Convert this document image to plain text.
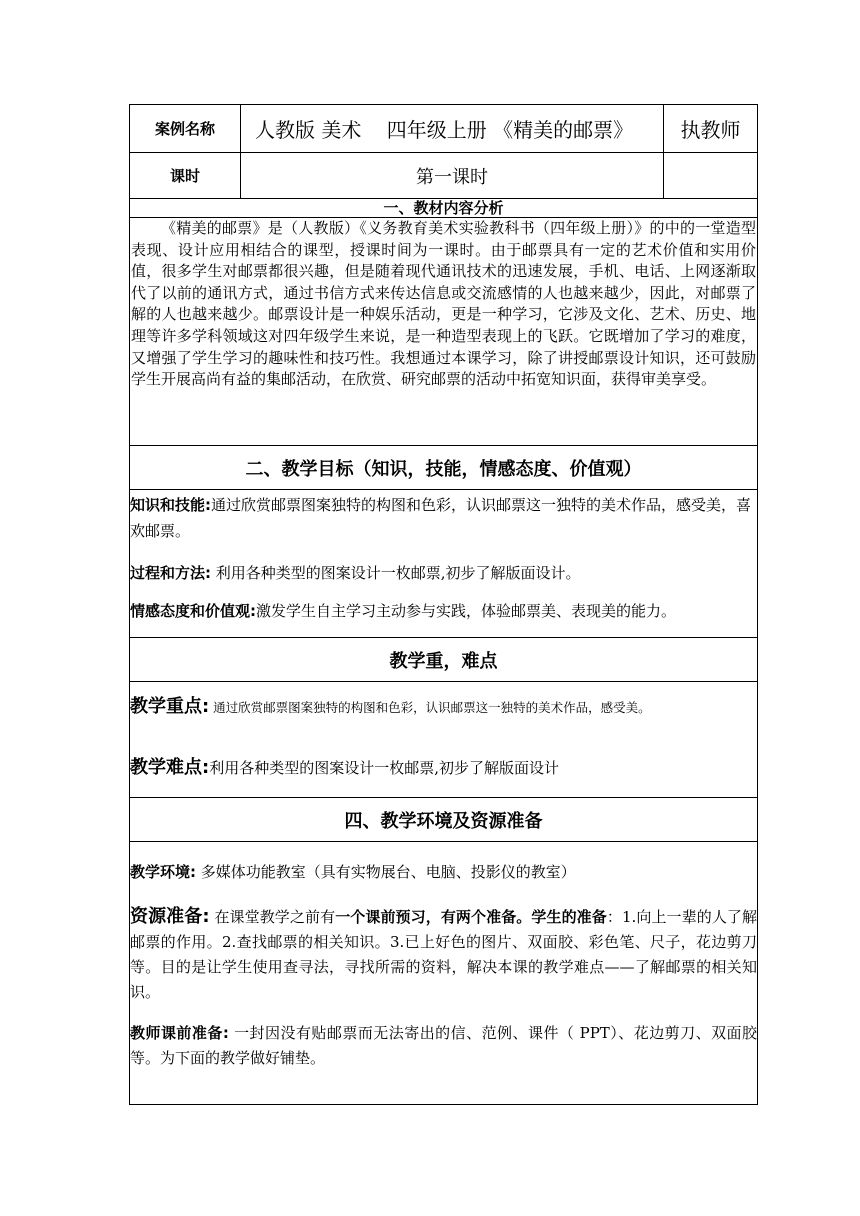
案例名称	人教版 美术    四年级上册 《精美的邮票》	执教师
课时	第一课时	
一、教材内容分析		

《精美的邮票》是（人教版）《义务教育美术实验教科书（四年级上册）》的中的一堂造型表现、设计应用相结合的课型，授课时间为一课时。由于邮票具有一定的艺术价值和实用价值，很多学生对邮票都很兴趣，但是随着现代通讯技术的迅速发展，手机、电话、上网逐渐取代了以前的通讯方式，通过书信方式来传达信息或交流感情的人也越来越少，因此，对邮票了解的人也越来越少。邮票设计是一种娱乐活动，更是一种学习，它涉及文化、艺术、历史、地理等许多学科领域这对四年级学生来说，是一种造型表现上的飞跃。它既增加了学习的难度，又增强了学生学习的趣味性和技巧性。我想通过本课学习，除了讲授邮票设计知识，还可鼓励学生开展高尚有益的集邮活动，在欣赏、研究邮票的活动中拓宽知识面，获得审美享受。		

二、教学目标（知识，技能，情感态度、价值观）		

知识和技能:通过欣赏邮票图案独特的构图和色彩，认识邮票这一独特的美术作品，感受美，喜欢邮票。

过程和方法: 利用各种类型的图案设计一枚邮票,初步了解版面设计。

情感态度和价值观:激发学生自主学习主动参与实践，体验邮票美、表现美的能力。		

教学重，难点		

教学重点: 通过欣赏邮票图案独特的构图和色彩，认识邮票这一独特的美术作品，感受美。
教学难点:利用各种类型的图案设计一枚邮票,初步了解版面设计		

四、教学环境及资源准备		

教学环境: 多媒体功能教室（具有实物展台、电脑、投影仪的教室）

资源准备: 在课堂教学之前有一个课前预习，有两个准备。学生的准备：1.向上一辈的人了解邮票的作用。2.查找邮票的相关知识。3.已上好色的图片、双面胶、彩色笔、尺子，花边剪刀等。目的是让学生使用查寻法，寻找所需的资料，解决本课的教学难点——了解邮票的相关知识。

教师课前准备: 一封因没有贴邮票而无法寄出的信、范例、课件（ PPT）、花边剪刀、双面胶等。为下面的教学做好铺垫。		
